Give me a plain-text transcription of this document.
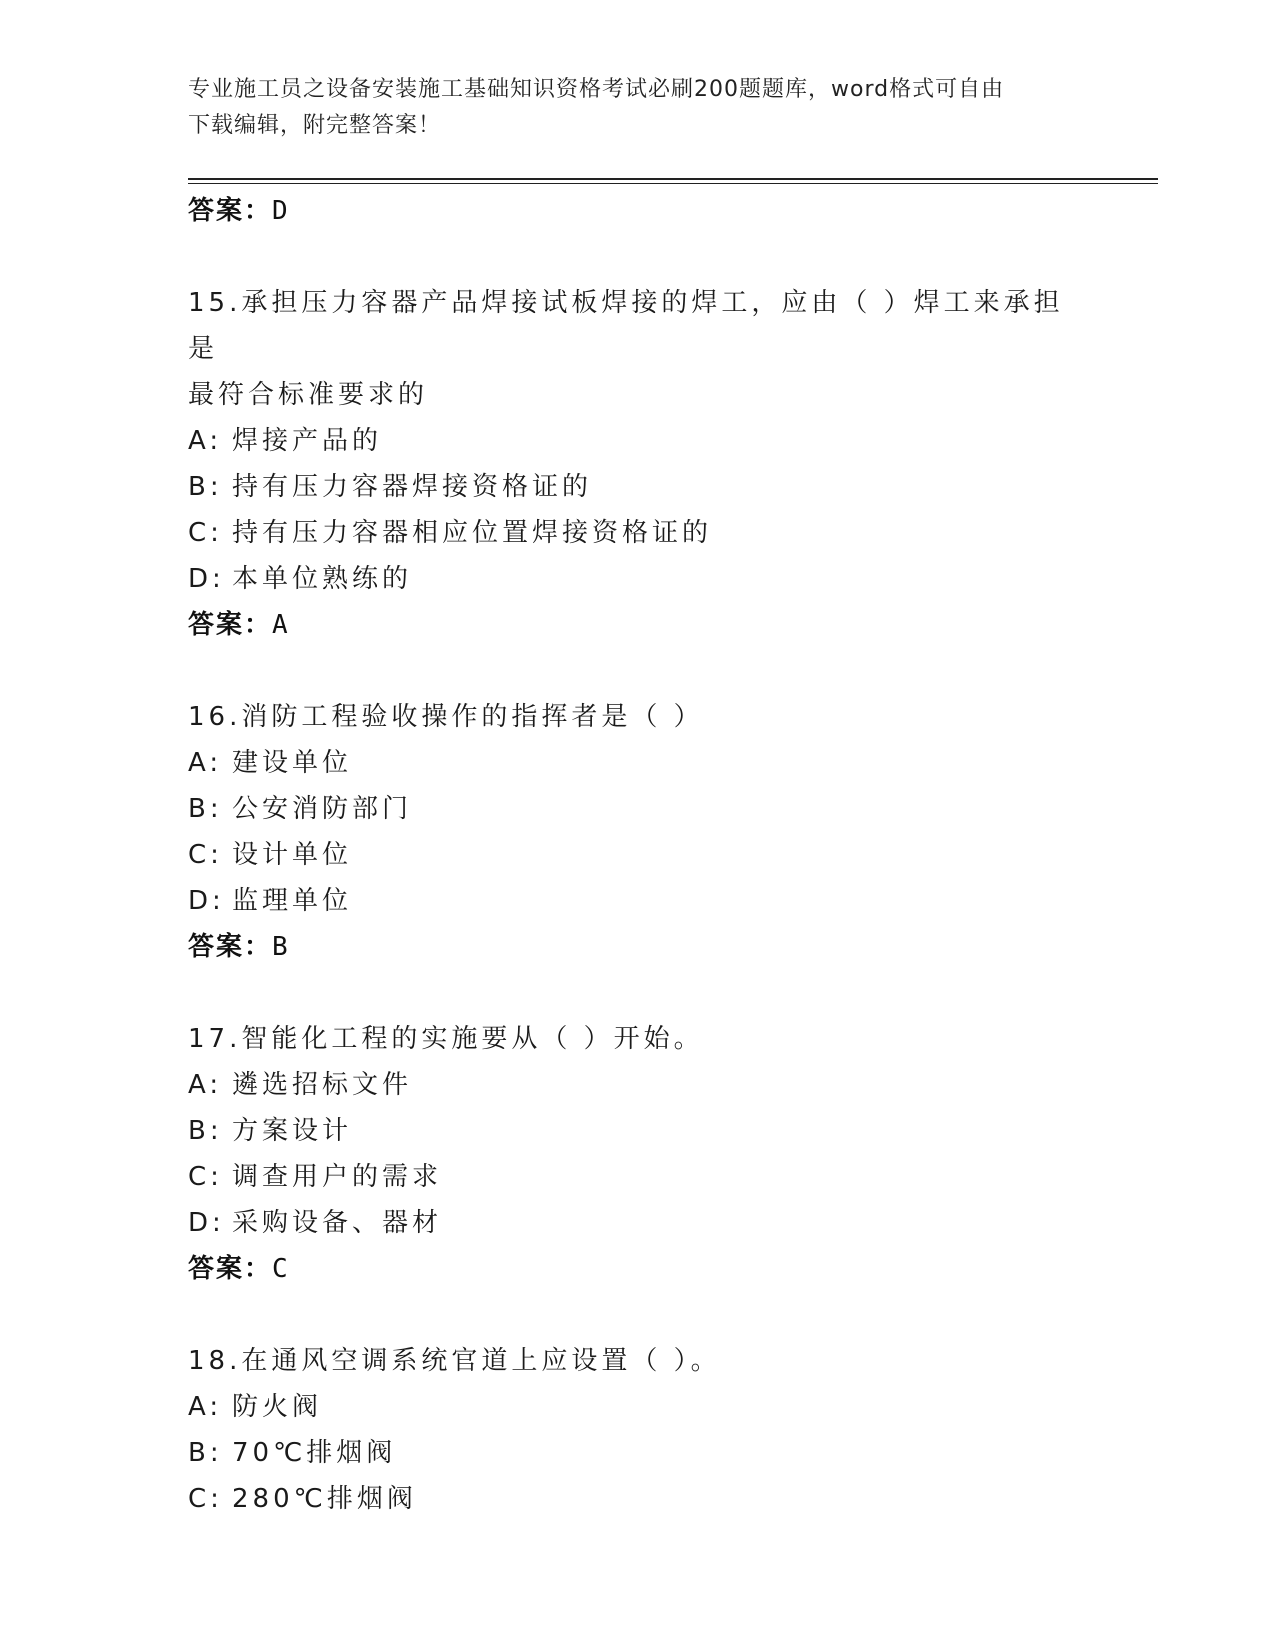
专业施工员之设备安装施工基础知识资格考试必刷200题题库，word格式可自由
下载编辑，附完整答案！
答案：D
15.承担压力容器产品焊接试板焊接的焊工，应由（ ）焊工来承担是
最符合标准要求的
A: 焊接产品的
B: 持有压力容器焊接资格证的
C: 持有压力容器相应位置焊接资格证的
D: 本单位熟练的
答案：A
16.消防工程验收操作的指挥者是（ ）
A: 建设单位
B: 公安消防部门
C: 设计单位
D: 监理单位
答案：B
17.智能化工程的实施要从（ ）开始。
A: 遴选招标文件
B: 方案设计
C: 调查用户的需求
D: 采购设备、器材
答案：C
18.在通风空调系统官道上应设置（ ）。
A: 防火阀
B: 70℃排烟阀
C: 280℃排烟阀
